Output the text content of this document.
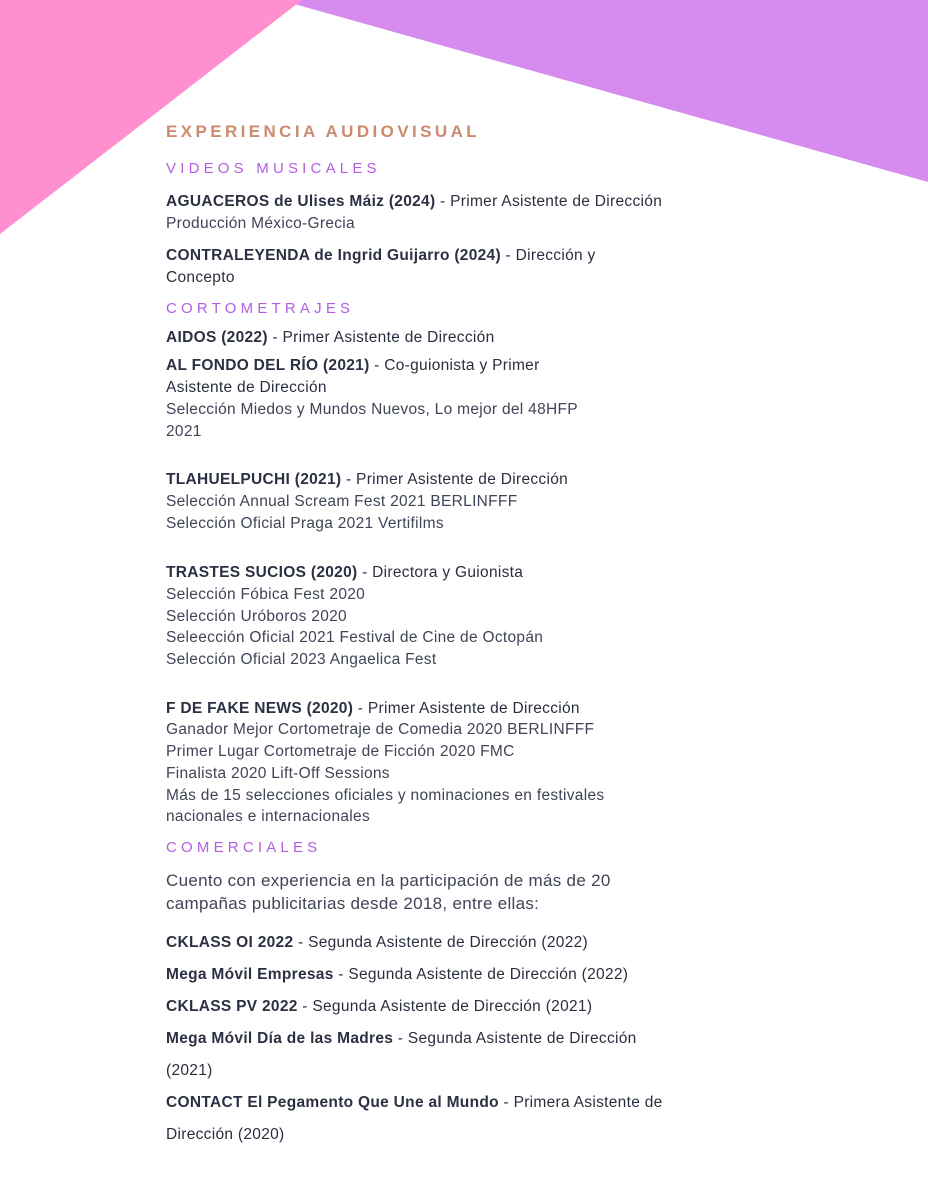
EXPERIENCIA AUDIOVISUAL
VIDEOS MUSICALES
AGUACEROS de Ulises Máiz (2024) - Primer Asistente de Dirección
Producción México-Grecia
CONTRALEYENDA de Ingrid Guijarro (2024) - Dirección y
Concepto
CORTOMETRAJES
AIDOS (2022) - Primer Asistente de Dirección
AL FONDO DEL RÍO (2021) - Co-guionista y Primer
Asistente de Dirección
Selección Miedos y Mundos Nuevos, Lo mejor del 48HFP
2021
TLAHUELPUCHI (2021) - Primer Asistente de Dirección
Selección Annual Scream Fest 2021 BERLINFFF
Selección Oficial Praga 2021 Vertifilms
TRASTES SUCIOS (2020) - Directora y Guionista
Selección Fóbica Fest 2020
Selección Uróboros 2020
Seleección Oficial 2021 Festival de Cine de Octopán
Selección Oficial 2023 Angaelica Fest
F DE FAKE NEWS (2020) - Primer Asistente de Dirección
Ganador Mejor Cortometraje de Comedia 2020 BERLINFFF
Primer Lugar Cortometraje de Ficción 2020 FMC
Finalista 2020 Lift-Off Sessions
Más de 15 selecciones oficiales y nominaciones en festivales
nacionales e internacionales
COMERCIALES
Cuento con experiencia en la participación de más de 20
campañas publicitarias desde 2018, entre ellas:
CKLASS OI 2022 - Segunda Asistente de Dirección (2022)
Mega Móvil Empresas - Segunda Asistente de Dirección (2022)
CKLASS PV 2022 - Segunda Asistente de Dirección (2021)
Mega Móvil Día de las Madres - Segunda Asistente de Dirección
(2021)
CONTACT El Pegamento Que Une al Mundo - Primera Asistente de
Dirección (2020)
